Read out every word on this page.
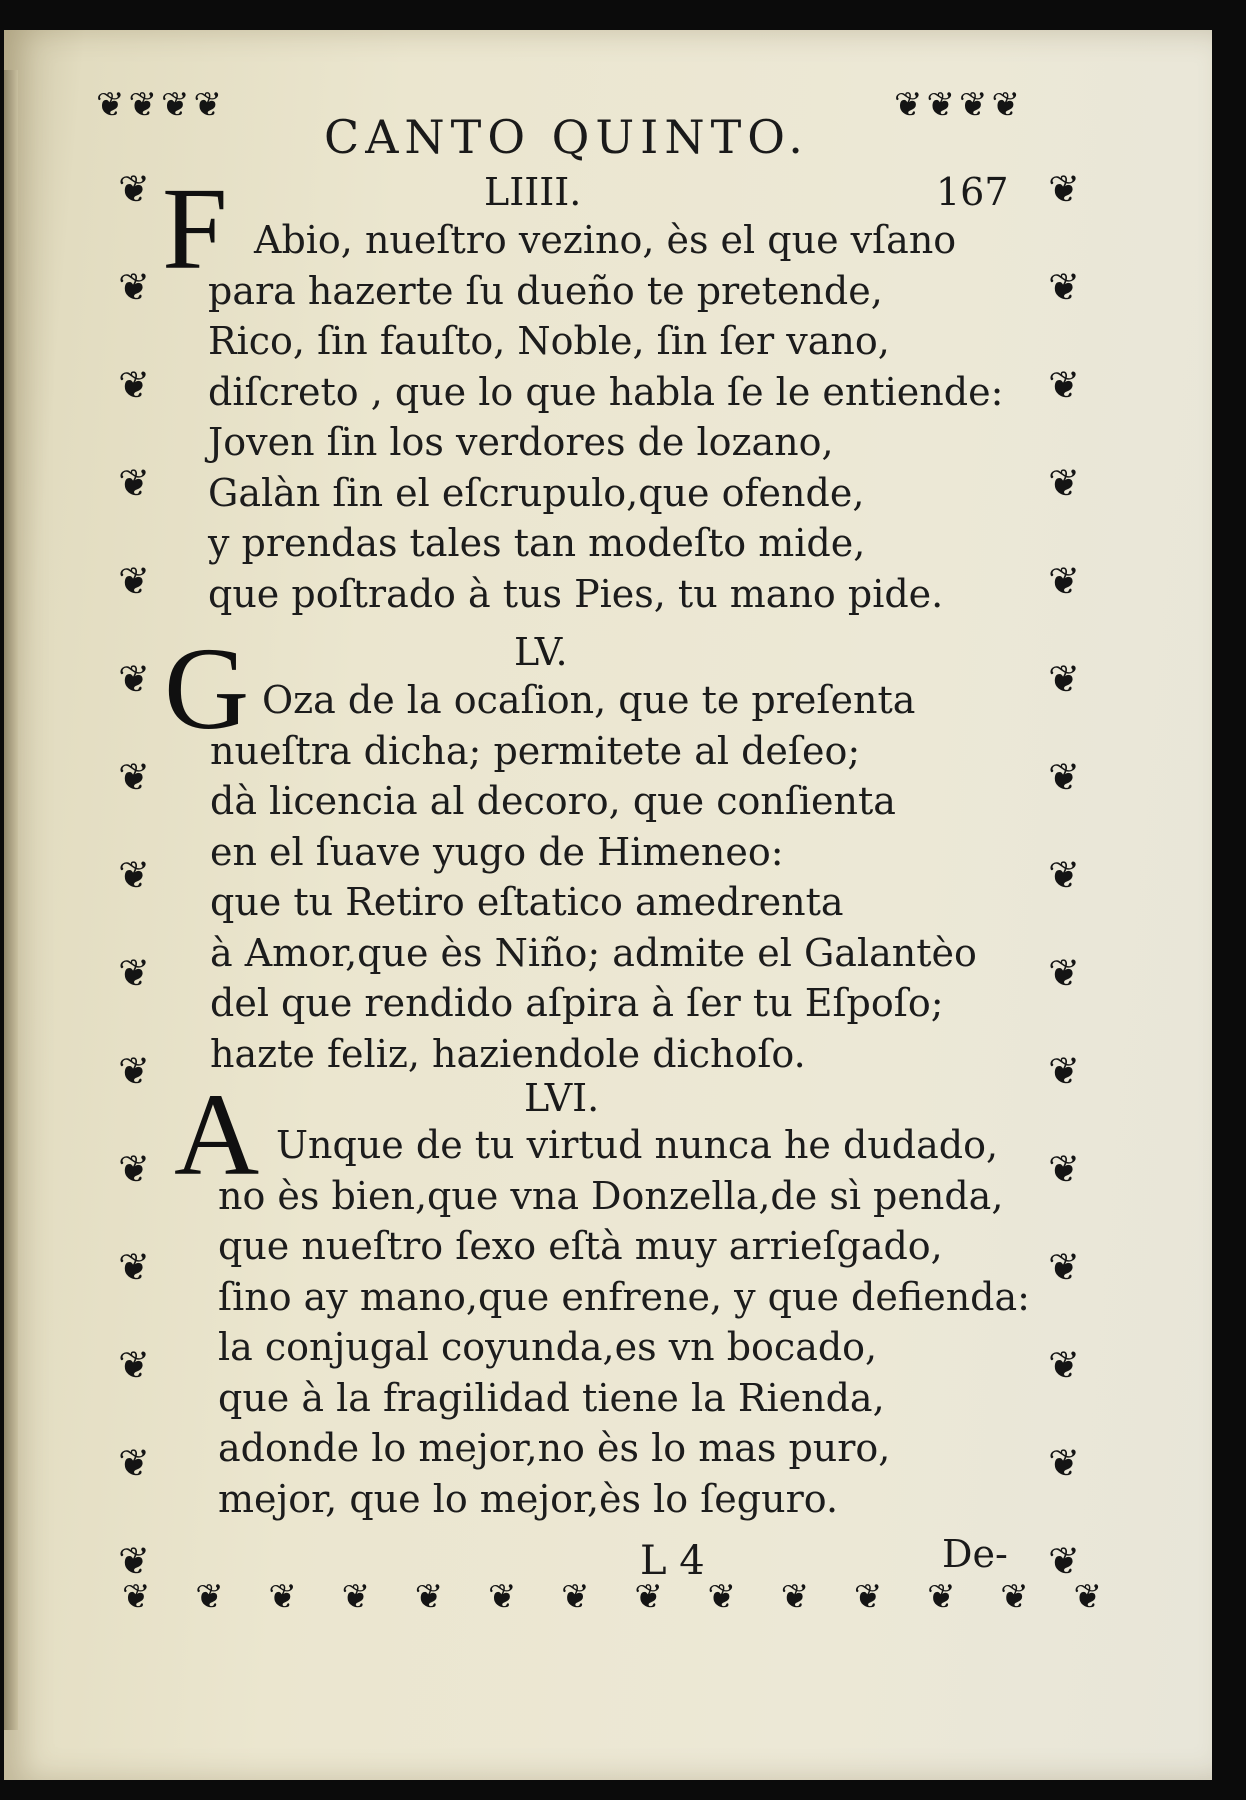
❦ ❦ ❦ ❦	❦ ❦ ❦ ❦
❦
❦
❦
❦
❦
❦
❦
❦
❦
❦
❦
❦
❦
❦
❦
❦
❦
❦
❦
❦
❦
❦
❦
❦
❦
❦
❦
❦
❦
❦
❦ ❦ ❦ ❦ ❦ ❦ ❦ ❦ ❦ ❦ ❦ ❦ ❦ ❦
CANTO QUINTO.
167
LIIII.
F Abio, nueſtro vezino, ès el que vſano
para hazerte ſu dueño te pretende,
Rico, ſin fauſto, Noble, ſin ſer vano,
diſcreto , que lo que habla ſe le entiende:
Joven ſin los verdores de lozano,
Galàn ſin el eſcrupulo,que ofende,
y prendas tales tan modeſto mide,
que poſtrado à tus Pies, tu mano pide.
LV.
G Oza de la ocaſion, que te preſenta
nueſtra dicha; permitete al deſeo;
dà licencia al decoro, que conſienta
en el ſuave yugo de Himeneo:
que tu Retiro eſtatico amedrenta
à Amor,que ès Niño; admite el Galantèo
del que rendido aſpira à ſer tu Eſpoſo;
hazte feliz, haziendole dichoſo.
LVI.
A Unque de tu virtud nunca he dudado,
no ès bien,que vna Donzella,de sì penda,
que nueſtro ſexo eſtà muy arrieſgado,
ſino ay mano,que enfrene, y que defienda:
la conjugal coyunda,es vn bocado,
que à la fragilidad tiene la Rienda,
adonde lo mejor,no ès lo mas puro,
mejor, que lo mejor,ès lo ſeguro.
L 4	De-
